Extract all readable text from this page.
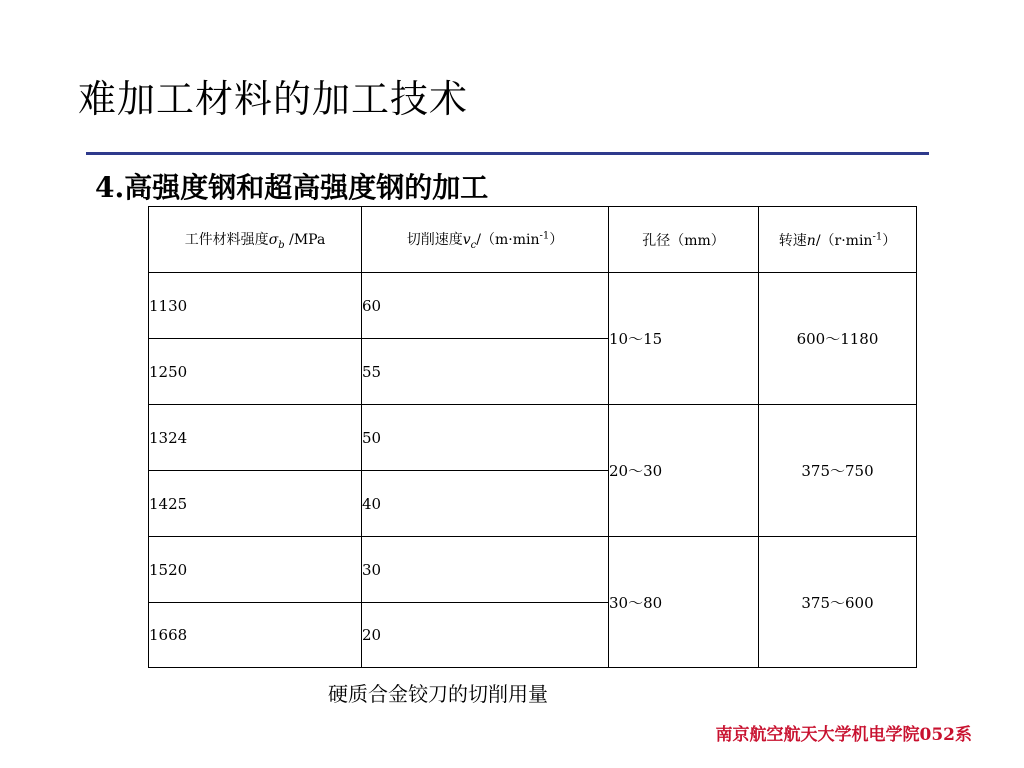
难加工材料的加工技术
4.高强度钢和超高强度钢的加工
工件材料强度$\sigma_b$ /MPa	切削速度$v_c/(m\cdot\min^{-1})$	孔径（mm）	转速$n/(r\cdot\min^{-1})$
1130	60	10～15	600～1180
1250	55		
1324	50	20～30	375～750
1425	40		
1520	30	30～80	375～600
1668	20		
硬质合金铰刀的切削用量
南京航空航天大学机电学院052系
